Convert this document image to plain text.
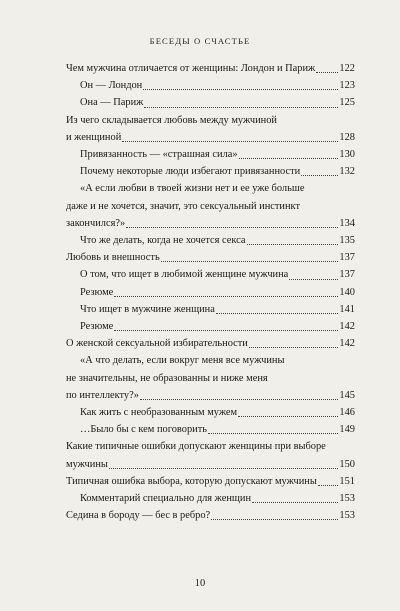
БЕСЕДЫ О СЧАСТЬЕ
Чем мужчина отличается от женщины: Лондон и Париж 122
Он — Лондон	123
Она — Париж	125
Из чего складывается любовь между мужчиной
и женщиной	128
Привязанность — «страшная сила»	130
Почему некоторые люди избегают привязанности	132
«А если любви в твоей жизни нет и ее уже больше
даже и не хочется, значит, это сексуальный инстинкт
закончился?»	134
Что же делать, когда не хочется секса	135
Любовь и внешность	137
О том, что ищет в любимой женщине мужчина	137
Резюме	140
Что ищет в мужчине женщина	141
Резюме	142
О женской сексуальной избирательности	142
«А что делать, если вокруг меня все мужчины
не значительны, не образованны и ниже меня
по интеллекту?»	145
Как жить с необразованным мужем	146
…Было бы с кем поговорить	149
Какие типичные ошибки допускают женщины при выборе
мужчины	150
Типичная ошибка выбора, которую допускают мужчины 151
Комментарий специально для женщин	153
Седина в бороду — бес в ребро?	153
10
